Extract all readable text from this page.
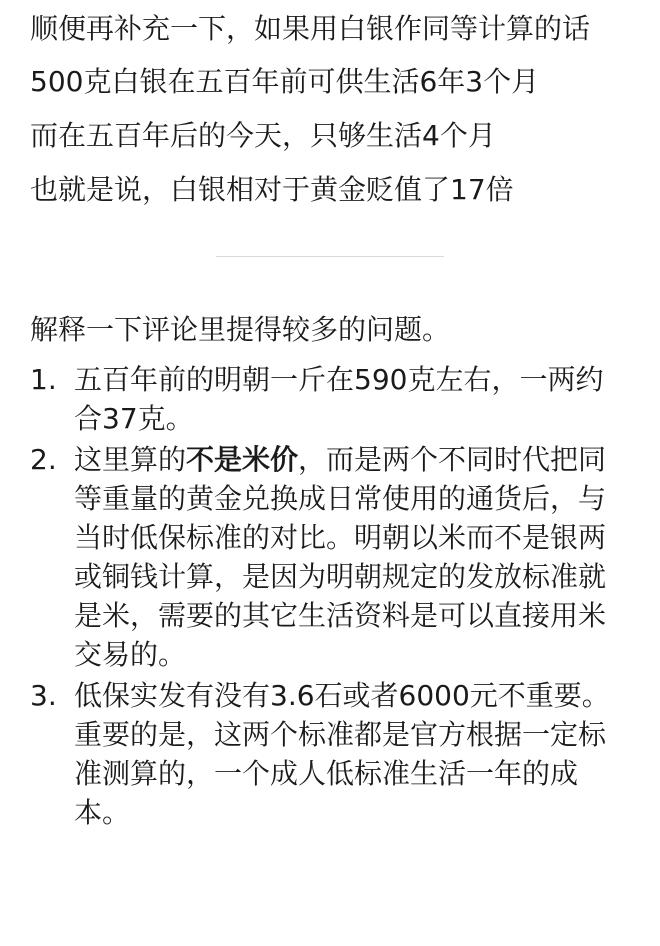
顺便再补充一下，如果用白银作同等计算的话

500克白银在五百年前可供生活6年3个月

而在五百年后的今天，只够生活4个月

也就是说，白银相对于黄金贬值了17倍

解释一下评论里提得较多的问题。

1. 五百年前的明朝一斤在590克左右，一两约合37克。
2. 这里算的不是米价，而是两个不同时代把同等重量的黄金兑换成日常使用的通货后，与当时低保标准的对比。明朝以米而不是银两或铜钱计算，是因为明朝规定的发放标准就是米，需要的其它生活资料是可以直接用米交易的。
3. 低保实发有没有3.6石或者6000元不重要。重要的是，这两个标准都是官方根据一定标准测算的，一个成人低标准生活一年的成本。
